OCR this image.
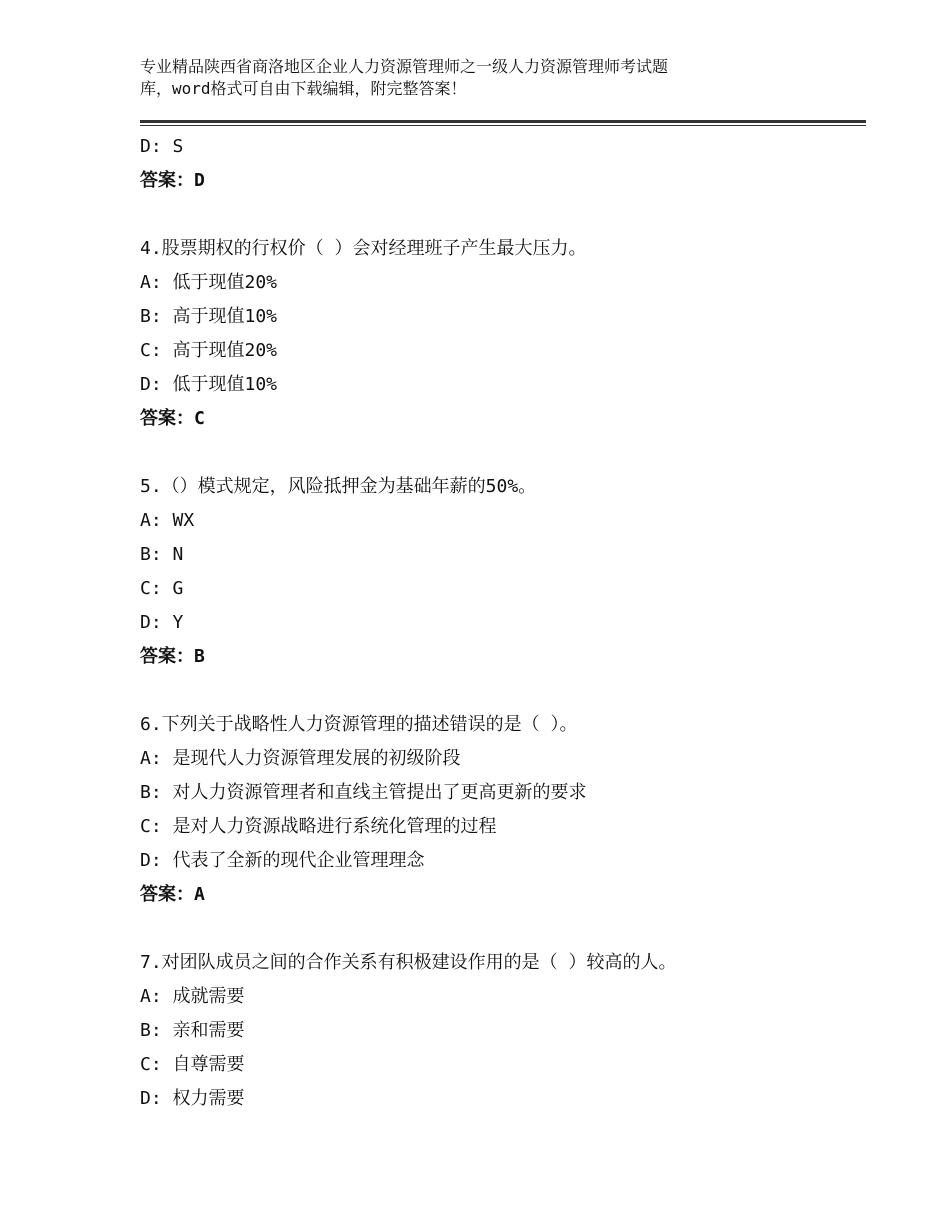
专业精品陕西省商洛地区企业人力资源管理师之一级人力资源管理师考试题
库，word格式可自由下载编辑，附完整答案！
D: S
答案：D
4.股票期权的行权价（ ）会对经理班子产生最大压力。
A: 低于现值20%
B: 高于现值10%
C: 高于现值20%
D: 低于现值10%
答案：C
5.（）模式规定，风险抵押金为基础年薪的50%。
A: WX
B: N
C: G
D: Y
答案：B
6.下列关于战略性人力资源管理的描述错误的是（ ）。
A: 是现代人力资源管理发展的初级阶段
B: 对人力资源管理者和直线主管提出了更高更新的要求
C: 是对人力资源战略进行系统化管理的过程
D: 代表了全新的现代企业管理理念
答案：A
7.对团队成员之间的合作关系有积极建设作用的是（ ）较高的人。
A: 成就需要
B: 亲和需要
C: 自尊需要
D: 权力需要
